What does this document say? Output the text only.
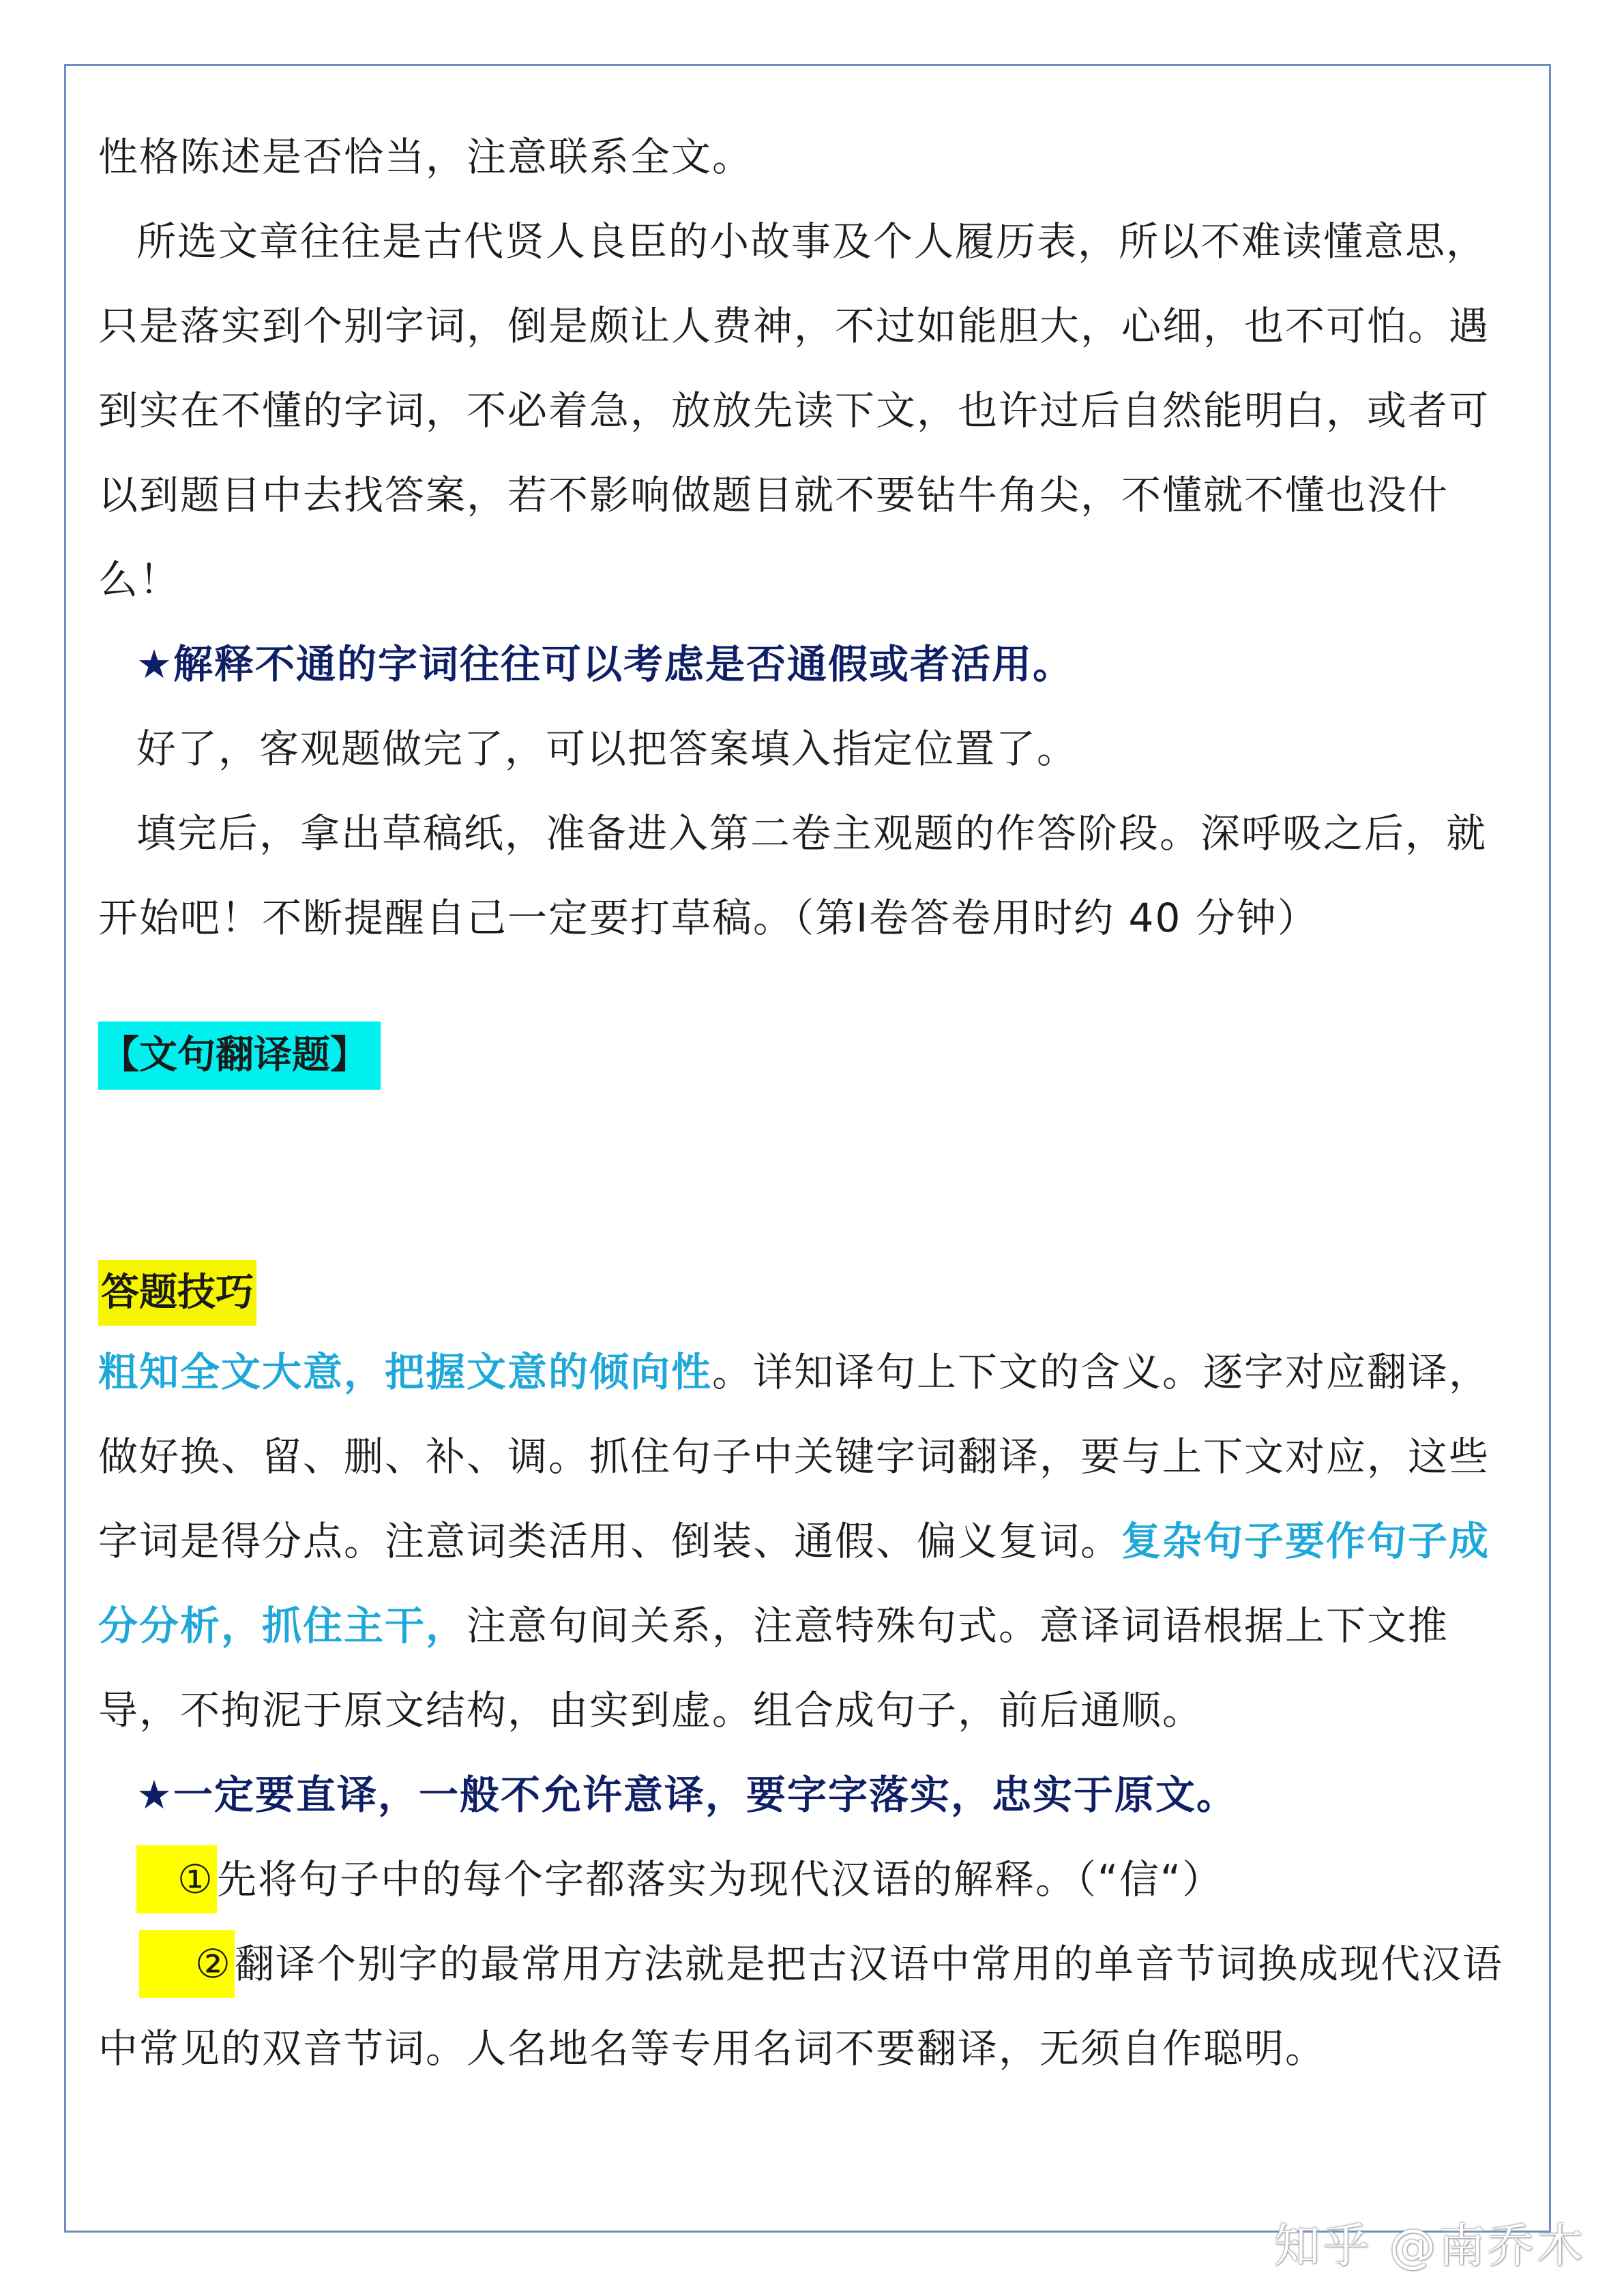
性格陈述是否恰当，注意联系全文。

所选文章往往是古代贤人良臣的小故事及个人履历表，所以不难读懂意思，只是落实到个别字词，倒是颇让人费神，不过如能胆大，心细，也不可怕。遇到实在不懂的字词，不必着急，放放先读下文，也许过后自然能明白，或者可以到题目中去找答案，若不影响做题目就不要钻牛角尖，不懂就不懂也没什么！

★解释不通的字词往往可以考虑是否通假或者活用。

好了，客观题做完了，可以把答案填入指定位置了。

填完后，拿出草稿纸，准备进入第二卷主观题的作答阶段。深呼吸之后，就开始吧！不断提醒自己一定要打草稿。（第Ⅰ卷答卷用时约 40 分钟）

【文句翻译题】
答题技巧

粗知全文大意，把握文意的倾向性。详知译句上下文的含义。逐字对应翻译，做好换、留、删、补、调。抓住句子中关键字词翻译，要与上下文对应，这些字词是得分点。注意词类活用、倒装、通假、偏义复词。复杂句子要作句子成分分析，抓住主干，注意句间关系，注意特殊句式。意译词语根据上下文推导，不拘泥于原文结构，由实到虚。组合成句子，前后通顺。

★一定要直译，一般不允许意译，要字字落实，忠实于原文。

①先将句子中的每个字都落实为现代汉语的解释。（“信“）

②翻译个别字的最常用方法就是把古汉语中常用的单音节词换成现代汉语中常见的双音节词。人名地名等专用名词不要翻译，无须自作聪明。

知乎 @南乔木
